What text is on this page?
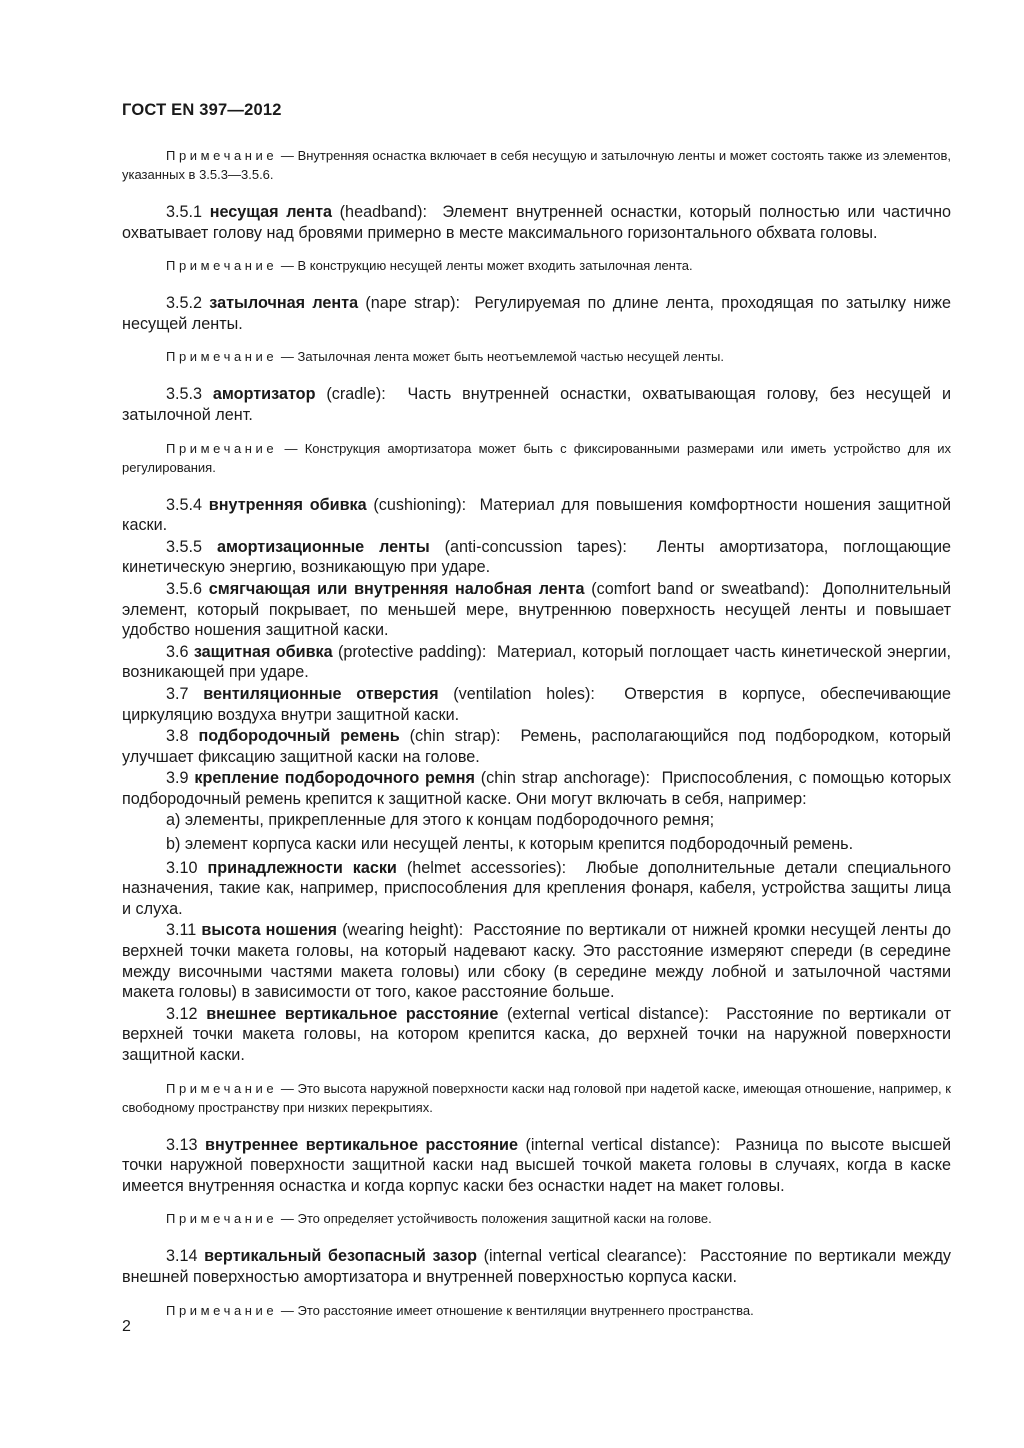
ГОСТ EN 397—2012

Примечание — Внутренняя оснастка включает в себя несущую и затылочную ленты и может состоять также из элементов, указанных в 3.5.3—3.5.6.

3.5.1 несущая лента (headband): Элемент внутренней оснастки, который полностью или частично охватывает голову над бровями примерно в месте максимального горизонтального обхвата головы.

Примечание — В конструкцию несущей ленты может входить затылочная лента.

3.5.2 затылочная лента (nape strap): Регулируемая по длине лента, проходящая по затылку ниже несущей ленты.

Примечание — Затылочная лента может быть неотъемлемой частью несущей ленты.

3.5.3 амортизатор (cradle): Часть внутренней оснастки, охватывающая голову, без несущей и затылочной лент.

Примечание — Конструкция амортизатора может быть с фиксированными размерами или иметь устройство для их регулирования.

3.5.4 внутренняя обивка (cushioning): Материал для повышения комфортности ношения защитной каски.

3.5.5 амортизационные ленты (anti-concussion tapes): Ленты амортизатора, поглощающие кинетическую энергию, возникающую при ударе.

3.5.6 смягчающая или внутренняя налобная лента (comfort band or sweatband): Дополнительный элемент, который покрывает, по меньшей мере, внутреннюю поверхность несущей ленты и повышает удобство ношения защитной каски.

3.6 защитная обивка (protective padding): Материал, который поглощает часть кинетической энергии, возникающей при ударе.

3.7 вентиляционные отверстия (ventilation holes): Отверстия в корпусе, обеспечивающие циркуляцию воздуха внутри защитной каски.

3.8 подбородочный ремень (chin strap): Ремень, располагающийся под подбородком, который улучшает фиксацию защитной каски на голове.

3.9 крепление подбородочного ремня (chin strap anchorage): Приспособления, с помощью которых подбородочный ремень крепится к защитной каске. Они могут включать в себя, например:

a) элементы, прикрепленные для этого к концам подбородочного ремня;

b) элемент корпуса каски или несущей ленты, к которым крепится подбородочный ремень.

3.10 принадлежности каски (helmet accessories): Любые дополнительные детали специального назначения, такие как, например, приспособления для крепления фонаря, кабеля, устройства защиты лица и слуха.

3.11 высота ношения (wearing height): Расстояние по вертикали от нижней кромки несущей ленты до верхней точки макета головы, на который надевают каску. Это расстояние измеряют спереди (в середине между височными частями макета головы) или сбоку (в середине между лобной и затылочной частями макета головы) в зависимости от того, какое расстояние больше.

3.12 внешнее вертикальное расстояние (external vertical distance): Расстояние по вертикали от верхней точки макета головы, на котором крепится каска, до верхней точки на наружной поверхности защитной каски.

Примечание — Это высота наружной поверхности каски над головой при надетой каске, имеющая отношение, например, к свободному пространству при низких перекрытиях.

3.13 внутреннее вертикальное расстояние (internal vertical distance): Разница по высоте высшей точки наружной поверхности защитной каски над высшей точкой макета головы в случаях, когда в каске имеется внутренняя оснастка и когда корпус каски без оснастки надет на макет головы.

Примечание — Это определяет устойчивость положения защитной каски на голове.

3.14 вертикальный безопасный зазор (internal vertical clearance): Расстояние по вертикали между внешней поверхностью амортизатора и внутренней поверхностью корпуса каски.

Примечание — Это расстояние имеет отношение к вентиляции внутреннего пространства.

2
